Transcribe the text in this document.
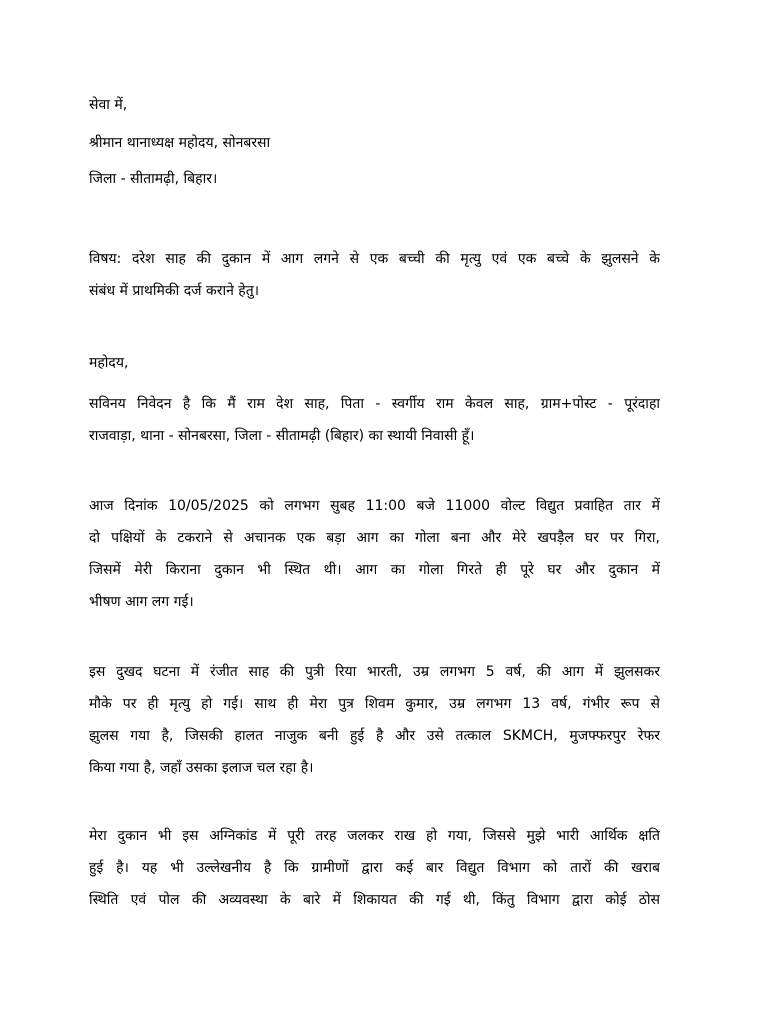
सेवा में,
श्रीमान थानाध्यक्ष महोदय, सोनबरसा
जिला - सीतामढ़ी, बिहार।
विषय: दरेश साह की दुकान में आग लगने से एक बच्ची की मृत्यु एवं एक बच्चे के झुलसने के
संबंध में प्राथमिकी दर्ज कराने हेतु।
महोदय,
सविनय निवेदन है कि मैं राम देश साह, पिता - स्वर्गीय राम केवल साह, ग्राम+पोस्ट - पूरंदाहा
राजवाड़ा, थाना - सोनबरसा, जिला - सीतामढ़ी (बिहार) का स्थायी निवासी हूँ।
आज दिनांक 10/05/2025 को लगभग सुबह 11:00 बजे 11000 वोल्ट विद्युत प्रवाहित तार में
दो पक्षियों के टकराने से अचानक एक बड़ा आग का गोला बना और मेरे खपड़ैल घर पर गिरा,
जिसमें मेरी किराना दुकान भी स्थित थी। आग का गोला गिरते ही पूरे घर और दुकान में
भीषण आग लग गई।
इस दुखद घटना में रंजीत साह की पुत्री रिया भारती, उम्र लगभग 5 वर्ष, की आग में झुलसकर
मौके पर ही मृत्यु हो गई। साथ ही मेरा पुत्र शिवम कुमार, उम्र लगभग 13 वर्ष, गंभीर रूप से
झुलस गया है, जिसकी हालत नाजुक बनी हुई है और उसे तत्काल SKMCH, मुजफ्फरपुर रेफर
किया गया है, जहाँ उसका इलाज चल रहा है।
मेरा दुकान भी इस अग्निकांड में पूरी तरह जलकर राख हो गया, जिससे मुझे भारी आर्थिक क्षति
हुई है। यह भी उल्लेखनीय है कि ग्रामीणों द्वारा कई बार विद्युत विभाग को तारों की खराब
स्थिति एवं पोल की अव्यवस्था के बारे में शिकायत की गई थी, किंतु विभाग द्वारा कोई ठोस
